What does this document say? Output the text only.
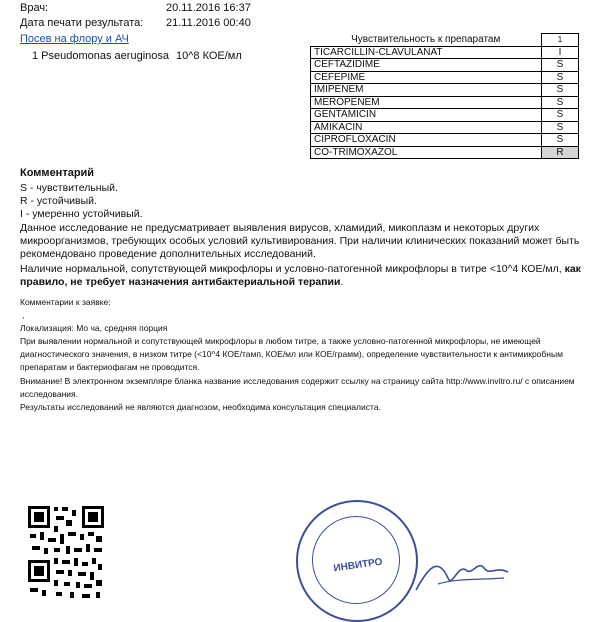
Врач:	20.11.2016 16:37
Дата печати результата: 21.11.2016 00:40
Посев на флору и АЧ
1 Pseudomonas aeruginosa 10^8 КОЕ/мл
Чувствительность к препаратам	1
TICARCILLIN-CLAVULANAT	I
CEFTAZIDIME	S
CEFEPIME	S
IMIPENEM	S
MEROPENEM	S
GENTAMICIN	S
AMIKACIN	S
CIPROFLOXACIN	S
CO-TRIMOXAZOL	R
Комментарий
S - чувствительный.
R - устойчивый.
I - умеренно устойчивый.
Данное исследование не предусматривает выявления вирусов, хламидий, микоплазм и некоторых других
микроорганизмов, требующих особых условий культивирования. При наличии клинических показаний может быть
рекомендовано проведение дополнительных исследований.
Наличие нормальной, сопутствующей микрофлоры и условно-патогенной микрофлоры в титре <10^4 КОЕ/мл, как
правило, не требует назначения антибактериальной терапии.
Комментарии к заявке:
,
Локализация: Мо ча, средняя порция
При выявлении нормальной и сопутствующей микрофлоры в любом титре, а также условно-патогенной микрофлоры, не имеющей
диагностического значения, в низком титре (<10^4 КОЕ/тамп, КОЕ/мл или КОЕ/грамм), определение чувствительности к антимикробным
препаратам и бактериофагам не проводится.
Внимание! В электронном экземпляре бланка название исследования содержит ссылку на страницу сайта http://www.invitro.ru/ с описанием
исследования.
Результаты исследований не являются диагнозом, необходима консультация специалиста.
ИНВИТРО
